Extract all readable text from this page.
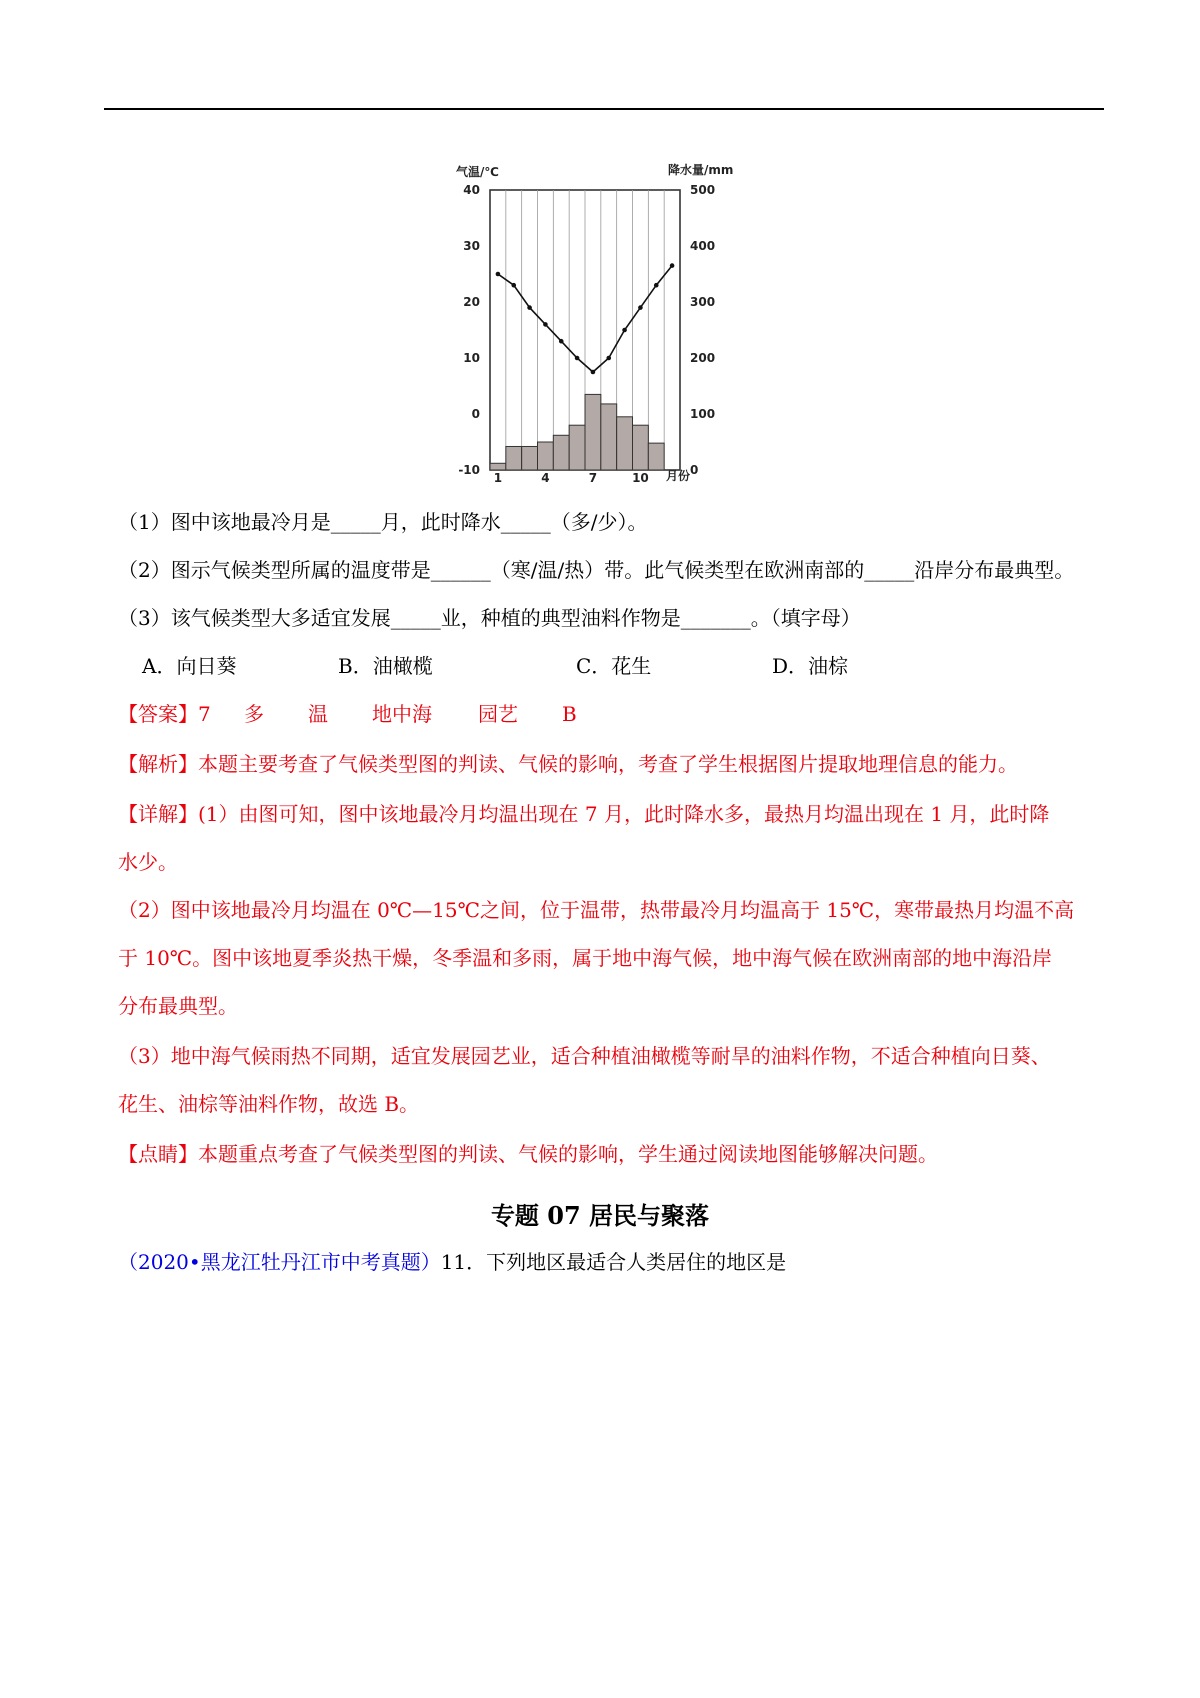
气温/℃	降水量/mm
月份
40
30
20
10
0
-10
500
400
300
200
100
0
1	4	7	10
（1）图中该地最冷月是_____月，此时降水_____（多/少）。
（2）图示气候类型所属的温度带是______（寒/温/热）带。此气候类型在欧洲南部的_____沿岸分布最典型。
（3）该气候类型大多适宜发展_____业，种植的典型油料作物是_______。（填字母）
A．向日葵	B．油橄榄	C．花生	D．油棕
【答案】7 多 温 地中海 园艺 B
【解析】本题主要考查了气候类型图的判读、气候的影响，考查了学生根据图片提取地理信息的能力。
【详解】(1）由图可知，图中该地最冷月均温出现在 7 月，此时降水多，最热月均温出现在 1 月，此时降
水少。
（2）图中该地最冷月均温在 0℃—15℃之间，位于温带，热带最冷月均温高于 15℃，寒带最热月均温不高
于 10℃。图中该地夏季炎热干燥，冬季温和多雨，属于地中海气候，地中海气候在欧洲南部的地中海沿岸
分布最典型。
（3）地中海气候雨热不同期，适宜发展园艺业，适合种植油橄榄等耐旱的油料作物，不适合种植向日葵、
花生、油棕等油料作物，故选 B。
【点睛】本题重点考查了气候类型图的判读、气候的影响，学生通过阅读地图能够解决问题。
专题 07 居民与聚落
（2020•黑龙江牡丹江市中考真题）11．下列地区最适合人类居住的地区是
